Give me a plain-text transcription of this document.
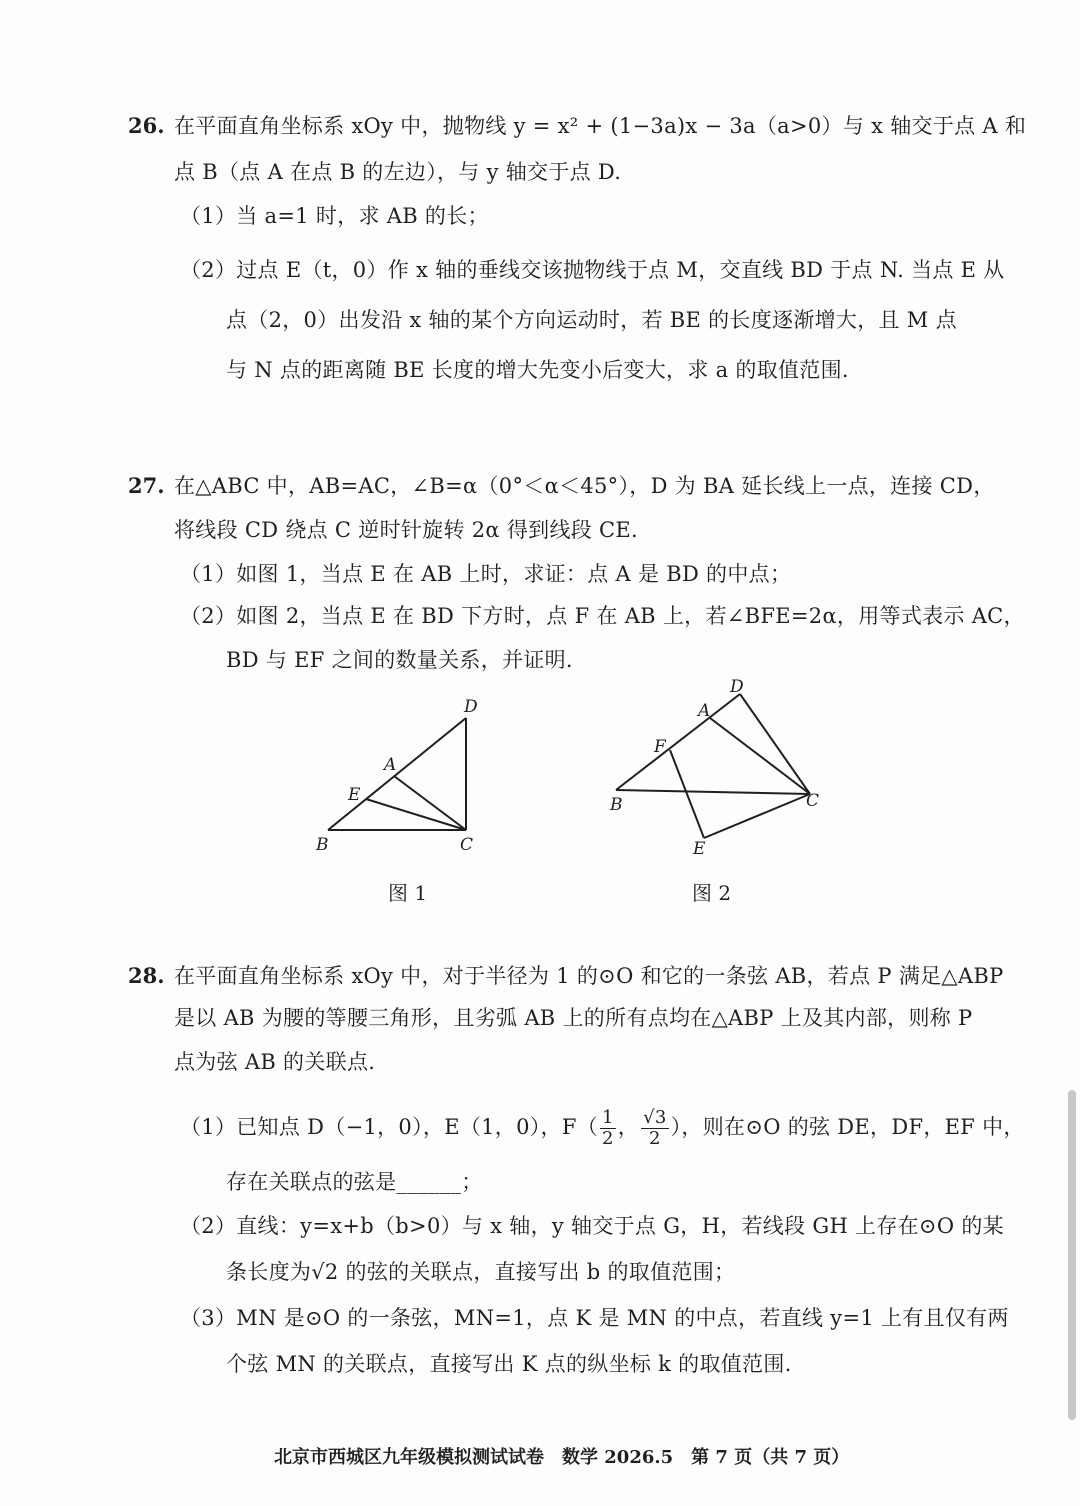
26. 在平面直角坐标系 xOy 中，抛物线 y = x² + (1−3a)x − 3a（a>0）与 x 轴交于点 A 和
点 B（点 A 在点 B 的左边），与 y 轴交于点 D.
（1）当 a=1 时，求 AB 的长；
（2）过点 E（t，0）作 x 轴的垂线交该抛物线于点 M，交直线 BD 于点 N. 当点 E 从
点（2，0）出发沿 x 轴的某个方向运动时，若 BE 的长度逐渐增大，且 M 点
与 N 点的距离随 BE 长度的增大先变小后变大，求 a 的取值范围.
27. 在△ABC 中，AB=AC，∠B=α（0°＜α＜45°），D 为 BA 延长线上一点，连接 CD，
将线段 CD 绕点 C 逆时针旋转 2α 得到线段 CE.
（1）如图 1，当点 E 在 AB 上时，求证：点 A 是 BD 的中点；
（2）如图 2，当点 E 在 BD 下方时，点 F 在 AB 上，若∠BFE=2α，用等式表示 AC，
BD 与 EF 之间的数量关系，并证明.
D
A
E
B	C
图 1
D
A
F
B	C
E
图 2
28. 在平面直角坐标系 xOy 中，对于半径为 1 的⊙O 和它的一条弦 AB，若点 P 满足△ABP
是以 AB 为腰的等腰三角形，且劣弧 AB 上的所有点均在△ABP 上及其内部，则称 P
点为弦 AB 的关联点.
（1）已知点 D（−1，0），E（1，0），$F( \frac{1}{2}$ ， $\frac{√3}{2}$ ），则在⊙O 的弦 DE，DF，EF 中，
存在关联点的弦是______；
（2）直线：y=x+b（b>0）与 x 轴，y 轴交于点 G，H，若线段 GH 上存在⊙O 的某
条长度为√2 的弦的关联点，直接写出 b 的取值范围；
（3）MN 是⊙O 的一条弦，MN=1，点 K 是 MN 的中点，若直线 y=1 上有且仅有两
个弦 MN 的关联点，直接写出 K 点的纵坐标 k 的取值范围.
北京市西城区九年级模拟测试试卷　数学 2026.5　第 7 页（共 7 页）
